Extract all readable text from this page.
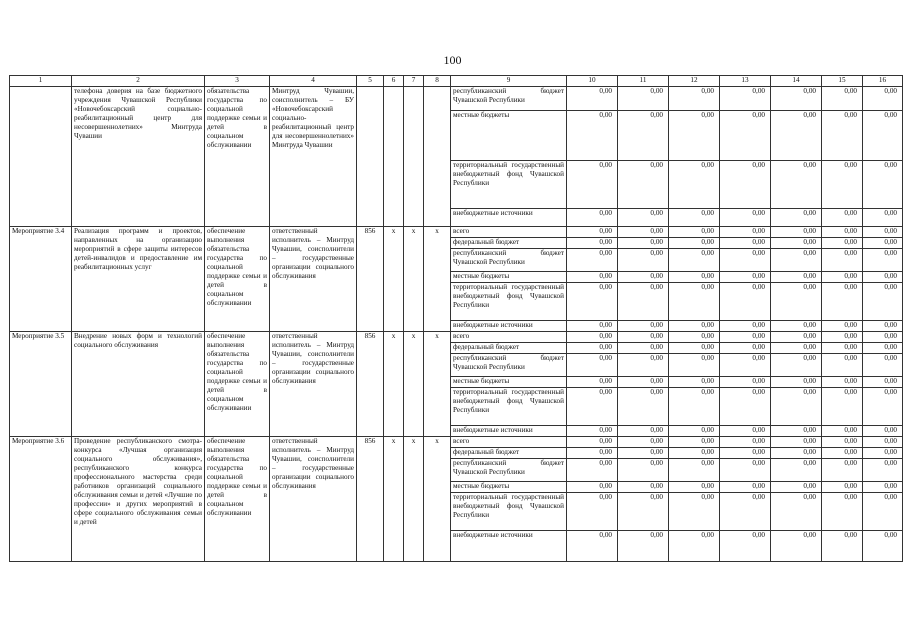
100
1	2	3	4	5	6	7	8	9	10	11	12	13	14	15	16
	телефона доверия на базе бюджетного учреждения Чувашской Республики «Новочебоксарский социально-реабилитационный центр для несовершеннолетних» Минтруда Чувашии	обязательства государства по социальной поддержке семьи и детей в социальном обслуживании	Минтруд Чувашии, соисполнитель – БУ «Новочебоксарский социально-реабилитационный центр для несовершеннолетних» Минтруда Чувашии					республиканский бюджет Чувашской Республики	0,00	0,00	0,00	0,00	0,00	0,00	0,00
								местные бюджеты	0,00	0,00	0,00	0,00	0,00	0,00	0,00
								территориальный государственный внебюджетный фонд Чувашской Республики	0,00	0,00	0,00	0,00	0,00	0,00	0,00
								внебюджетные источники	0,00	0,00	0,00	0,00	0,00	0,00	0,00
Мероприятие 3.4	Реализация программ и проектов, направленных на организацию мероприятий в сфере защиты интересов детей-инвалидов и предоставление им реабилитационных услуг	обеспечение выполнения обязательства государства по социальной поддержке семьи и детей в социальном обслуживании	ответственный исполнитель – Минтруд Чувашии, соисполнители – государственные организации социального обслуживания	856	x	x	x	всего	0,00	0,00	0,00	0,00	0,00	0,00	0,00
								федеральный бюджет	0,00	0,00	0,00	0,00	0,00	0,00	0,00
								республиканский бюджет Чувашской Республики	0,00	0,00	0,00	0,00	0,00	0,00	0,00
								местные бюджеты	0,00	0,00	0,00	0,00	0,00	0,00	0,00
								территориальный государственный внебюджетный фонд Чувашской Республики	0,00	0,00	0,00	0,00	0,00	0,00	0,00
								внебюджетные источники	0,00	0,00	0,00	0,00	0,00	0,00	0,00
Мероприятие 3.5	Внедрение новых форм и технологий социального обслуживания	обеспечение выполнения обязательства государства по социальной поддержке семьи и детей в социальном обслуживании	ответственный исполнитель – Минтруд Чувашии, соисполнители – государственные организации социального обслуживания	856	x	x	x	всего	0,00	0,00	0,00	0,00	0,00	0,00	0,00
								федеральный бюджет	0,00	0,00	0,00	0,00	0,00	0,00	0,00
								республиканский бюджет Чувашской Республики	0,00	0,00	0,00	0,00	0,00	0,00	0,00
								местные бюджеты	0,00	0,00	0,00	0,00	0,00	0,00	0,00
								территориальный государственный внебюджетный фонд Чувашской Республики	0,00	0,00	0,00	0,00	0,00	0,00	0,00
								внебюджетные источники	0,00	0,00	0,00	0,00	0,00	0,00	0,00
Мероприятие 3.6	Проведение республиканского смотра-конкурса «Лучшая организация социального обслуживания», республиканского конкурса профессионального мастерства среди работников организаций социального обслуживания семьи и детей «Лучшие по профессии» и других мероприятий в сфере социального обслуживания семьи и детей	обеспечение выполнения обязательства государства по социальной поддержке семьи и детей в социальном обслуживании	ответственный исполнитель – Минтруд Чувашии, соисполнители – государственные организации социального обслуживания	856	x	x	x	всего	0,00	0,00	0,00	0,00	0,00	0,00	0,00
								федеральный бюджет	0,00	0,00	0,00	0,00	0,00	0,00	0,00
								республиканский бюджет Чувашской Республики	0,00	0,00	0,00	0,00	0,00	0,00	0,00
								местные бюджеты	0,00	0,00	0,00	0,00	0,00	0,00	0,00
								территориальный государственный внебюджетный фонд Чувашской Республики	0,00	0,00	0,00	0,00	0,00	0,00	0,00
								внебюджетные источники	0,00	0,00	0,00	0,00	0,00	0,00	0,00
